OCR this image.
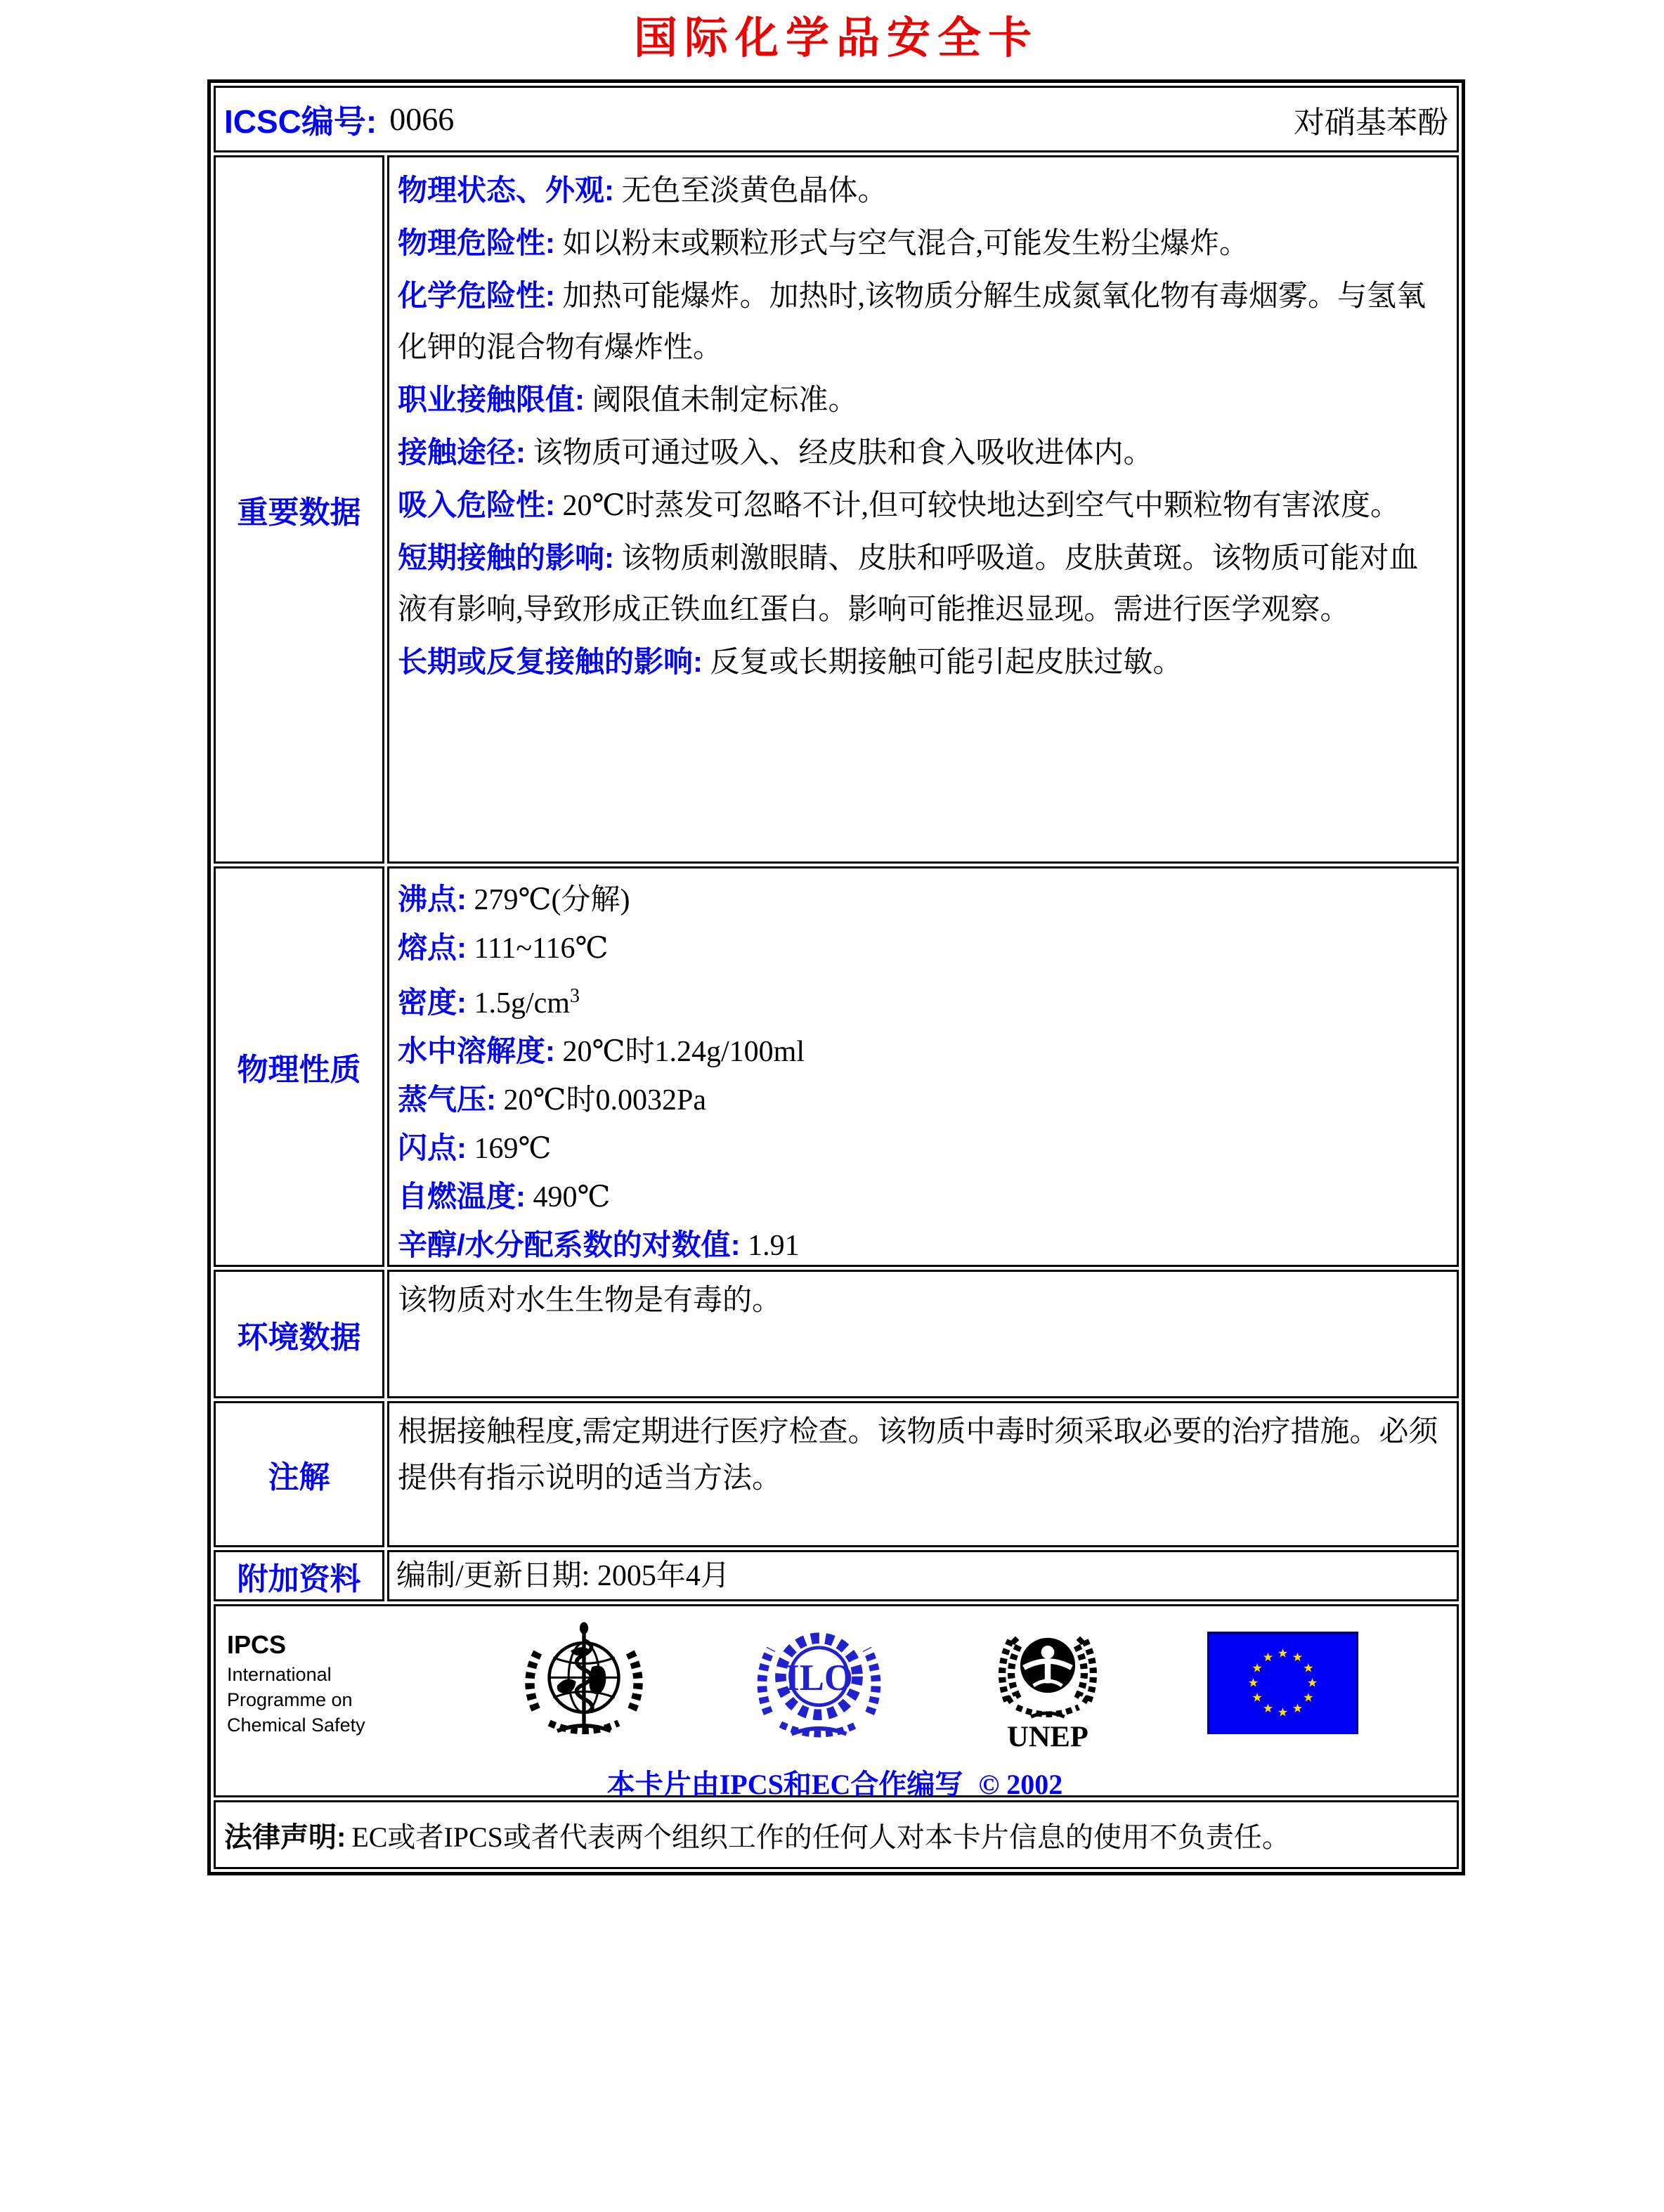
国际化学品安全卡
ICSC编号: 0066	对硝基苯酚
重要数据

物理状态、外观: 无色至淡黄色晶体。

物理危险性: 如以粉末或颗粒形式与空气混合,可能发生粉尘爆炸。

化学危险性: 加热可能爆炸。加热时,该物质分解生成氮氧化物有毒烟雾。与氢氧化钾的混合物有爆炸性。

职业接触限值: 阈限值未制定标准。

接触途径: 该物质可通过吸入、经皮肤和食入吸收进体内。

吸入危险性: 20℃时蒸发可忽略不计,但可较快地达到空气中颗粒物有害浓度。

短期接触的影响: 该物质刺激眼睛、皮肤和呼吸道。皮肤黄斑。该物质可能对血液有影响,导致形成正铁血红蛋白。影响可能推迟显现。需进行医学观察。

长期或反复接触的影响: 反复或长期接触可能引起皮肤过敏。

物理性质

沸点: 279℃(分解)

熔点: 111~116℃

密度: $1.5g/cm^3$

水中溶解度: 20℃时1.24g/100ml

蒸气压: 20℃时0.0032Pa

闪点: 169℃

自燃温度: 490℃

辛醇/水分配系数的对数值: 1.91

环境数据

该物质对水生生物是有毒的。

注解

根据接触程度,需定期进行医疗检查。该物质中毒时须采取必要的治疗措施。必须提供有指示说明的适当方法。

附加资料	编制/更新日期: 2005年4月

IPCS
International
Programme on
Chemical Safety
ILO
UNEP
本卡片由IPCS和EC合作编写 © 2002
法律声明: EC或者IPCS或者代表两个组织工作的任何人对本卡片信息的使用不负责任。
